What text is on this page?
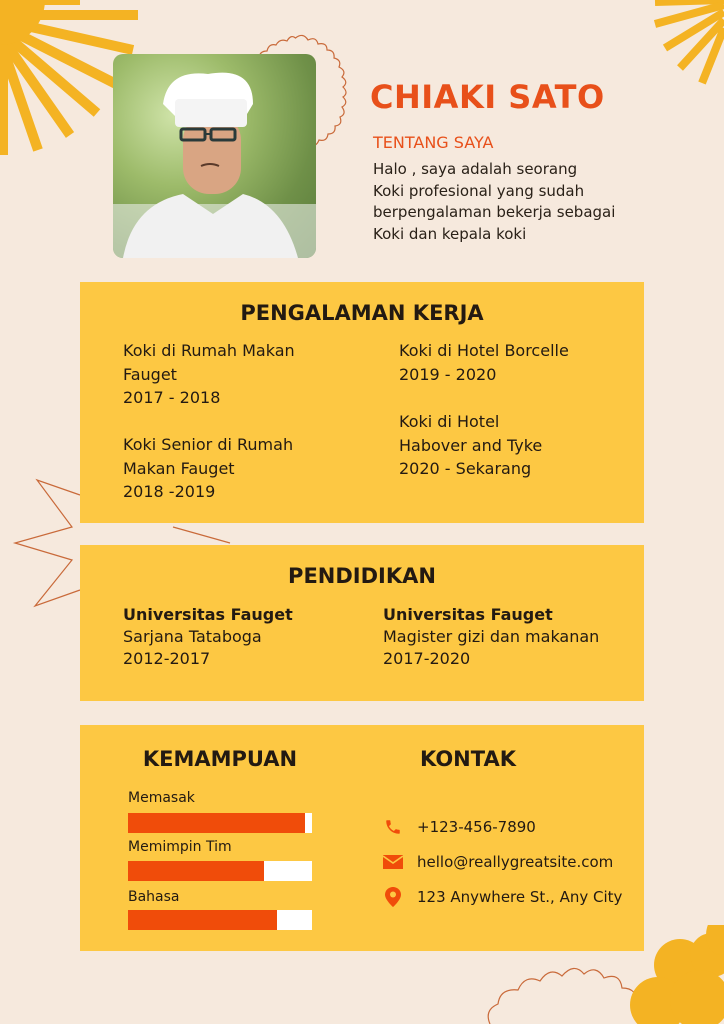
CHIAKI SATO
TENTANG SAYA
Halo , saya adalah seorang
Koki profesional yang sudah
berpengalaman bekerja sebagai
Koki dan kepala koki
PENGALAMAN KERJA
Koki di Rumah Makan
Fauget
2017 - 2018
Koki Senior di Rumah
Makan Fauget
2018 -2019
Koki di Hotel Borcelle
2019 - 2020
Koki di Hotel
Habover and Tyke
2020 - Sekarang
PENDIDIKAN
Universitas Fauget
Sarjana Tataboga
2012-2017
Universitas Fauget
Magister gizi dan makanan
2017-2020
KEMAMPUAN
Memasak
Memimpin Tim
Bahasa
KONTAK
+123-456-7890
hello@reallygreatsite.com
123 Anywhere St., Any City
